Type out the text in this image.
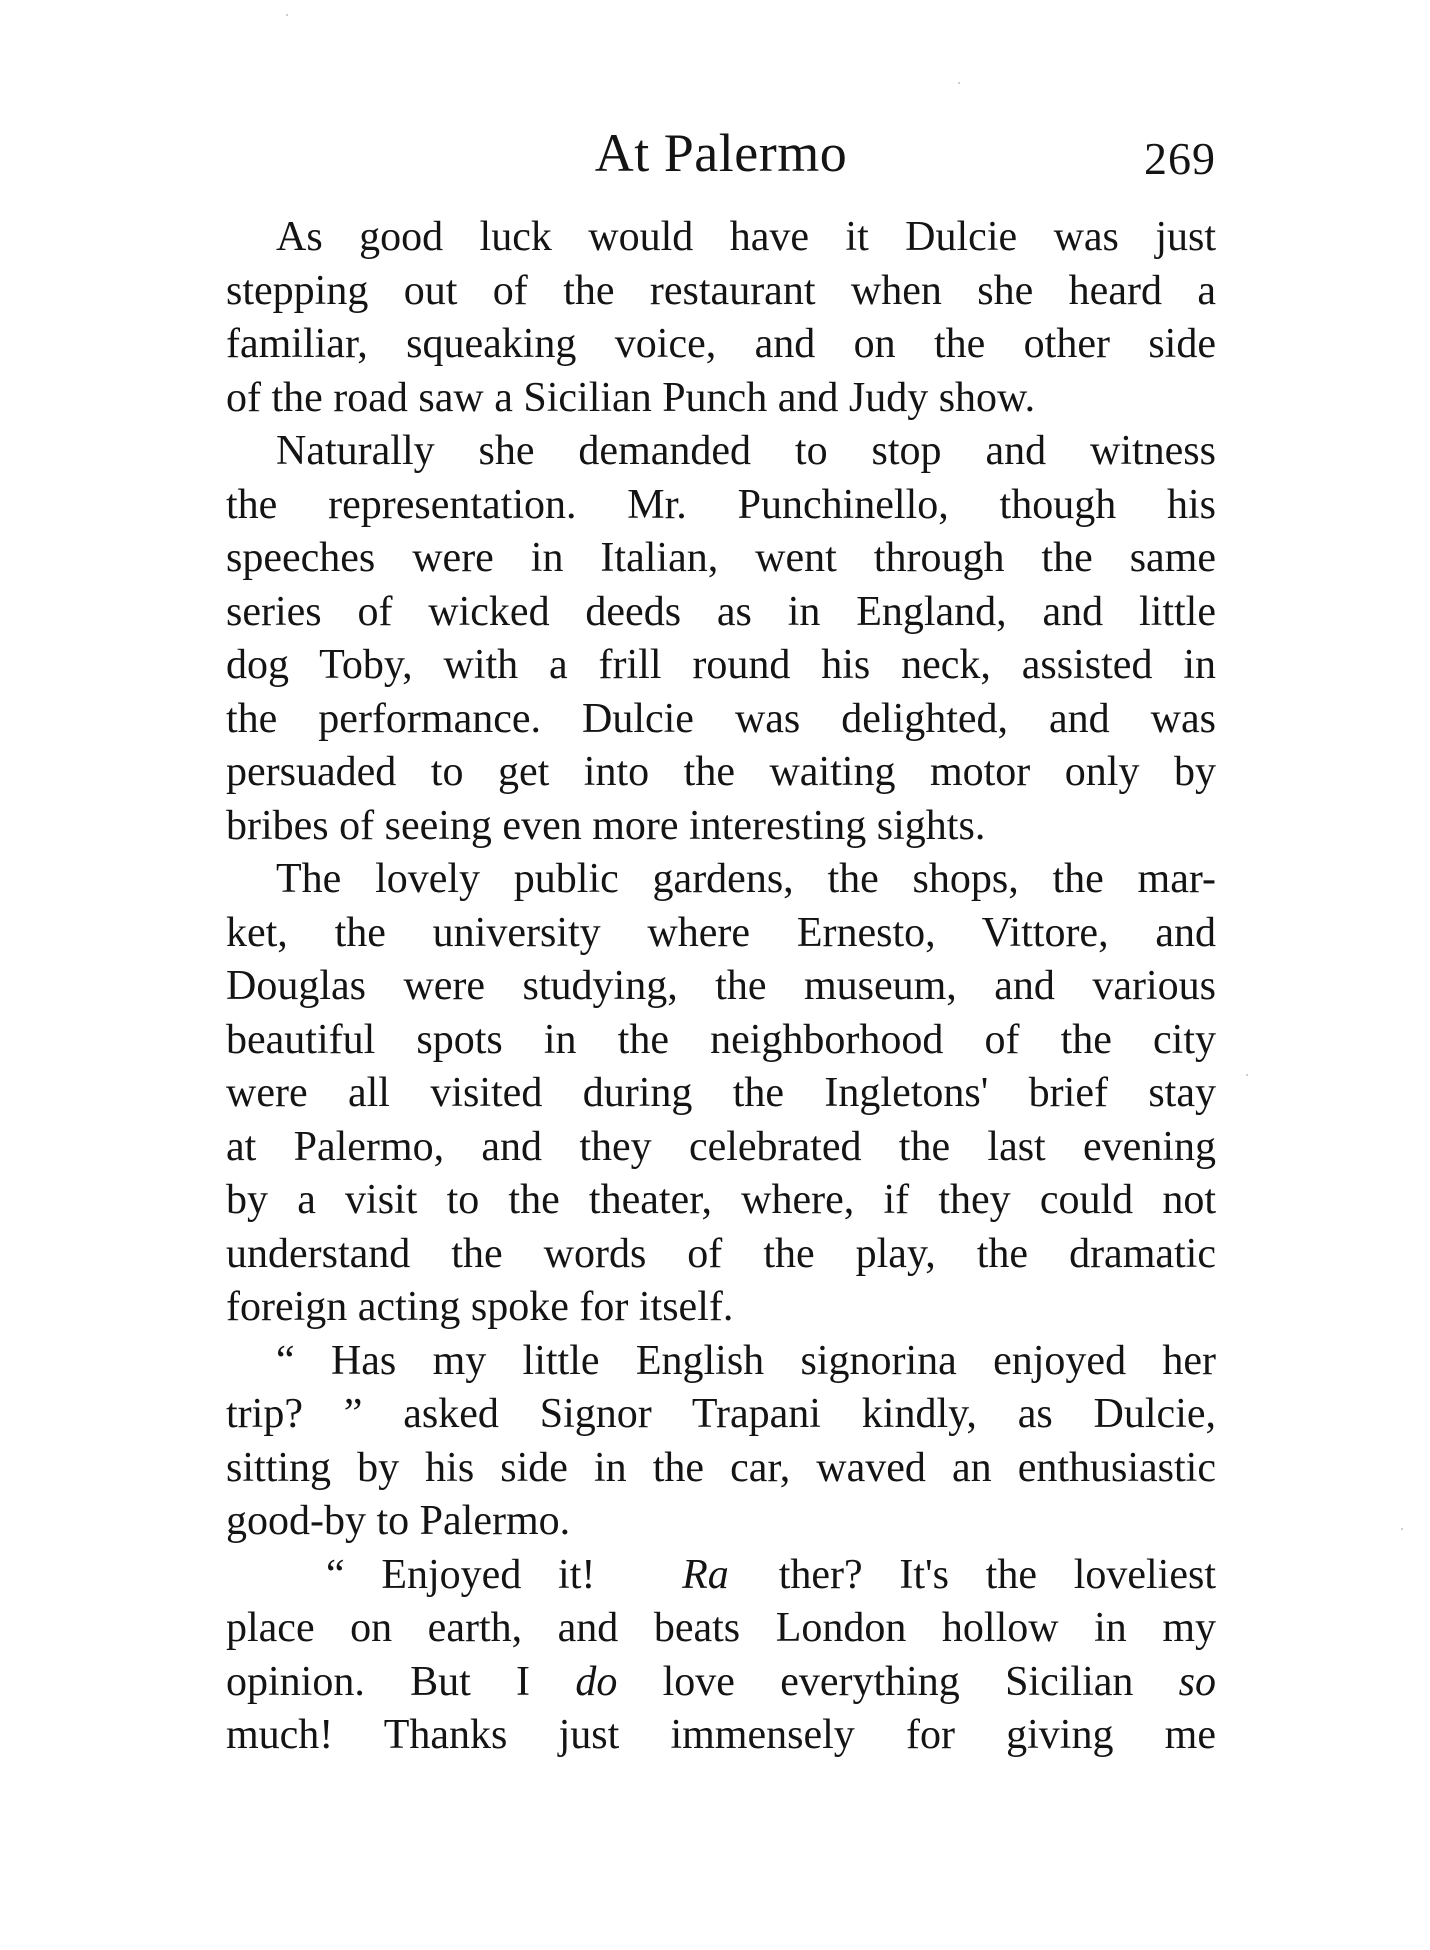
At Palermo	269
As good luck would have it Dulcie was just
stepping out of the restaurant when she heard a
familiar, squeaking voice, and on the other side
of the road saw a Sicilian Punch and Judy show.
Naturally she demanded to stop and witness
the representation. Mr. Punchinello, though his
speeches were in Italian, went through the same
series of wicked deeds as in England, and little
dog Toby, with a frill round his neck, assisted in
the performance. Dulcie was delighted, and was
persuaded to get into the waiting motor only by
bribes of seeing even more interesting sights.
The lovely public gardens, the shops, the mar-
ket, the university where Ernesto, Vittore, and
Douglas were studying, the museum, and various
beautiful spots in the neighborhood of the city
were all visited during the Ingletons' brief stay
at Palermo, and they celebrated the last evening
by a visit to the theater, where, if they could not
understand the words of the play, the dramatic
foreign acting spoke for itself.
“ Has my little English signorina enjoyed her
trip? ” asked Signor Trapani kindly, as Dulcie,
sitting by his side in the car, waved an enthusiastic
good-by to Palermo.
“ Enjoyed it! Ra ther? It's the loveliest
place on earth, and beats London hollow in my
opinion. But I do love everything Sicilian so
much! Thanks just immensely for giving me
